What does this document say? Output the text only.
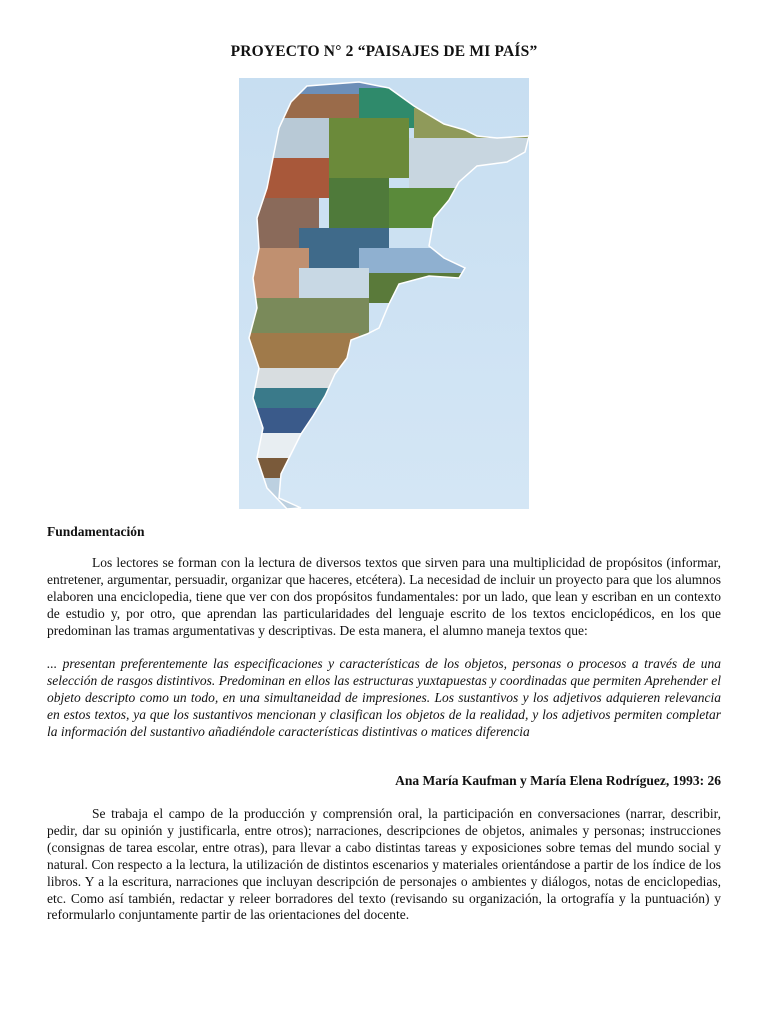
PROYECTO N° 2 “PAISAJES DE MI PAÍS”
Fundamentación
Los lectores se forman con la lectura de diversos textos que sirven para una multiplicidad de propósitos (informar, entretener, argumentar, persuadir, organizar que haceres, etcétera). La necesidad de incluir un proyecto para que los alumnos elaboren una enciclopedia, tiene que ver con dos propósitos fundamentales: por un lado, que lean y escriban en un contexto de estudio y, por otro, que aprendan las particularidades del lenguaje escrito de los textos enciclopédicos, en los que predominan las tramas argumentativas y descriptivas. De esta manera, el alumno maneja textos que:
... presentan preferentemente las especificaciones y características de los objetos, personas o procesos a través de una selección de rasgos distintivos. Predominan en ellos las estructuras yuxtapuestas y coordinadas que permiten Aprehender el objeto descripto como un todo, en una simultaneidad de impresiones. Los sustantivos y los adjetivos adquieren relevancia en estos textos, ya que los sustantivos mencionan y clasifican los objetos de la realidad, y los adjetivos permiten completar la información del sustantivo añadiéndole características distintivas o matices diferencia
Ana María Kaufman y María Elena Rodríguez, 1993: 26
Se trabaja el campo de la producción y comprensión oral, la participación en conversaciones (narrar, describir, pedir, dar su opinión y justificarla, entre otros); narraciones, descripciones de objetos, animales y personas; instrucciones (consignas de tarea escolar, entre otras), para llevar a cabo distintas tareas y exposiciones sobre temas del mundo social y natural. Con respecto a la lectura, la utilización de distintos escenarios y materiales orientándose a partir de los índice de los libros. Y a la escritura, narraciones que incluyan descripción de personajes o ambientes y diálogos, notas de enciclopedias, etc. Como así también, redactar y releer borradores del texto (revisando su organización, la ortografía y la puntuación) y reformularlo conjuntamente partir de las orientaciones del docente.
